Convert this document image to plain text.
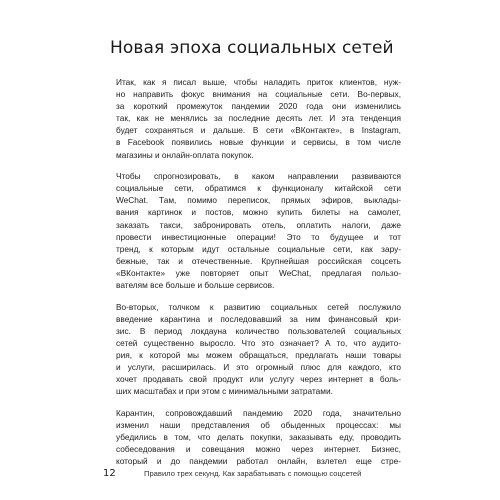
Новая эпоха социальных сетей

Итак, как я писал выше, чтобы наладить приток клиентов, нуж-
но направить фокус внимания на социальные сети. Во-первых,
за короткий промежуток пандемии 2020 года они изменились
так, как не менялись за последние десять лет. И эта тенденция
будет сохраняться и дальше. В сети «ВКонтакте», в Instagram,
в Facebook появились новые функции и сервисы, в том числе
магазины и онлайн-оплата покупок.

Чтобы спрогнозировать, в каком направлении развиваются
социальные сети, обратимся к функционалу китайской сети
WeChat. Там, помимо переписок, прямых эфиров, выклады-
вания картинок и постов, можно купить билеты на самолет,
заказать такси, забронировать отель, оплатить налоги, даже
провести инвестиционные операции! Это то будущее и тот
тренд, к которым идут остальные социальные сети, как зару-
бежные, так и отечественные. Крупнейшая российская соцсеть
«ВКонтакте» уже повторяет опыт WeChat, предлагая пользо-
вателям все больше и больше сервисов.

Во-вторых, толчком к развитию социальных сетей послужило
введение карантина и последовавший за ним финансовый кри-
зис. В период локдауна количество пользователей социальных
сетей существенно выросло. Что это означает? А то, что аудито-
рия, к которой мы можем обращаться, предлагать наши товары
и услуги, расширилась. И это огромный плюс для каждого, кто
хочет продавать свой продукт или услугу через интернет в боль-
ших масштабах и при этом с минимальными затратами.

Карантин, сопровождавший пандемию 2020 года, значительно
изменил наши представления об обыденных процессах: мы
убедились в том, что делать покупки, заказывать еду, проводить
собеседования и совещания можно через интернет. Бизнес,
который и до пандемии работал онлайн, взлетел еще стре-

12	Правило трех секунд. Как зарабатывать с помощью соцсетей
